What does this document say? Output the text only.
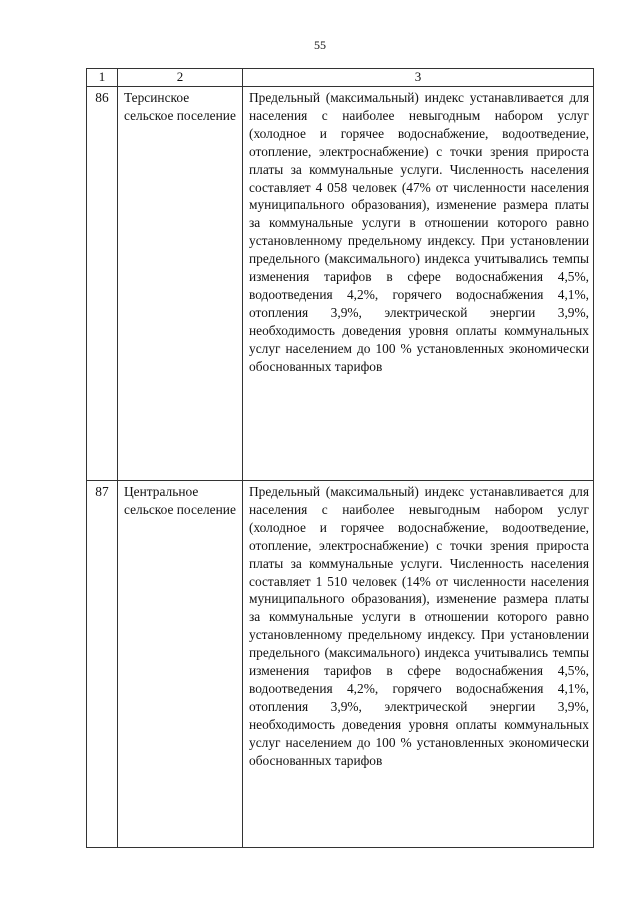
55
1	2	3
86	Терсинское сельское поселение	Предельный (максимальный) индекс устанавливается для населения с наиболее невыгодным набором услуг (холодное и горячее водоснабжение, водоотведение, отопление, электроснабжение) с точки зрения прироста платы за коммунальные услуги. Численность населения составляет 4 058 человек (47% от численности населения муниципального образования), изменение размера платы за коммунальные услуги в отношении которого равно установленному предельному индексу. При установлении предельного (максимального) индекса учитывались темпы изменения тарифов в сфере водоснабжения 4,5%, водоотведения 4,2%, горячего водоснабжения 4,1%, отопления 3,9%, электрической энергии 3,9%, необходимость доведения уровня оплаты коммунальных услуг населением до 100 % установленных экономически обоснованных тарифов
87	Центральное сельское поселение	Предельный (максимальный) индекс устанавливается для населения с наиболее невыгодным набором услуг (холодное и горячее водоснабжение, водоотведение, отопление, электроснабжение) с точки зрения прироста платы за коммунальные услуги. Численность населения составляет 1 510 человек (14% от численности населения муниципального образования), изменение размера платы за коммунальные услуги в отношении которого равно установленному предельному индексу. При установлении предельного (максимального) индекса учитывались темпы изменения тарифов в сфере водоснабжения 4,5%, водоотведения 4,2%, горячего водоснабжения 4,1%, отопления 3,9%, электрической энергии 3,9%, необходимость доведения уровня оплаты коммунальных услуг населением до 100 % установленных экономически обоснованных тарифов
